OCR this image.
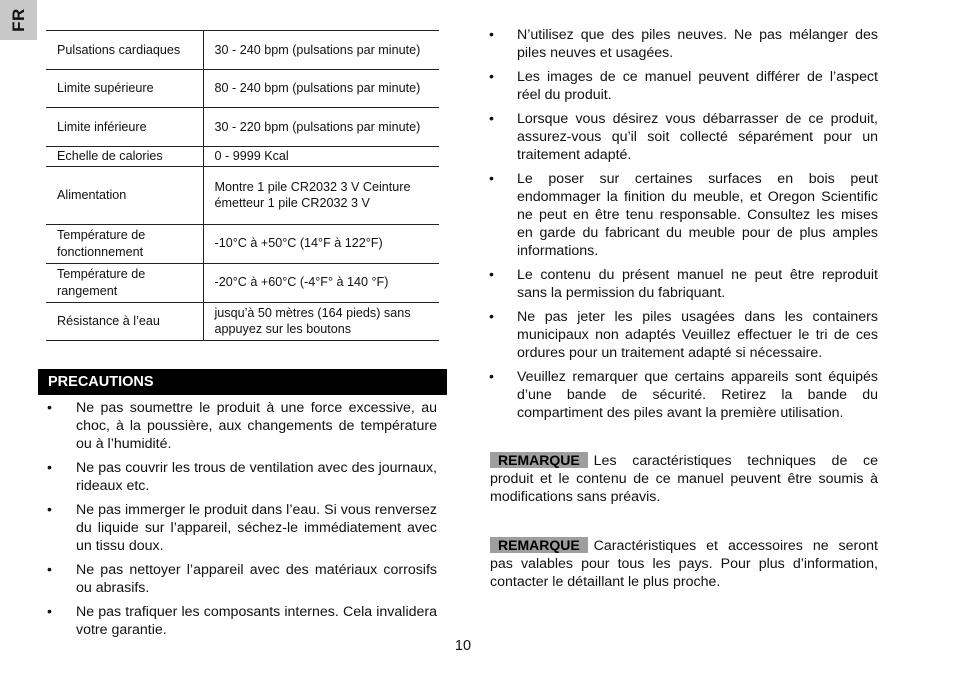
FR
Pulsations cardiaques	30 - 240 bpm (pulsations par minute)
Limite supérieure	80 - 240 bpm (pulsations par minute)
Limite inférieure	30 - 220 bpm (pulsations par minute)
Echelle de calories	0 - 9999 Kcal
Alimentation	Montre 1 pile CR2032 3 V Ceinture émetteur 1 pile CR2032 3 V
Température de fonctionnement	-10°C à +50°C (14°F à 122°F)
Température de rangement	-20°C à +60°C (-4°F° à 140 °F)
Résistance à l’eau	jusqu’à 50 mètres (164 pieds) sans appuyez sur les boutons
PRECAUTIONS
• Ne pas soumettre le produit à une force excessive, au choc, à la poussière, aux changements de température ou à l’humidité.
• Ne pas couvrir les trous de ventilation avec des journaux, rideaux etc.
• Ne pas immerger le produit dans l’eau. Si vous renversez du liquide sur l’appareil, séchez-le immédiatement avec un tissu doux.
• Ne pas nettoyer l’appareil avec des matériaux corrosifs ou abrasifs.
• Ne pas trafiquer les composants internes. Cela invalidera votre garantie.
• N’utilisez que des piles neuves. Ne pas mélanger des piles neuves et usagées.
• Les images de ce manuel peuvent différer de l’aspect réel du produit.
• Lorsque vous désirez vous débarrasser de ce produit, assurez-vous qu’il soit collecté séparément pour un traitement adapté.
• Le poser sur certaines surfaces en bois peut endommager la finition du meuble, et Oregon Scientific ne peut en être tenu responsable. Consultez les mises en garde du fabricant du meuble pour de plus amples informations.
• Le contenu du présent manuel ne peut être reproduit sans la permission du fabriquant.
• Ne pas jeter les piles usagées dans les containers municipaux non adaptés Veuillez effectuer le tri de ces ordures pour un traitement adapté si nécessaire.
• Veuillez remarquer que certains appareils sont équipés d’une bande de sécurité. Retirez la bande du compartiment des piles avant la première utilisation.
REMARQUE Les caractéristiques techniques de ce produit et le contenu de ce manuel peuvent être soumis à modifications sans préavis.
REMARQUE Caractéristiques et accessoires ne seront pas valables pour tous les pays. Pour plus d’information, contacter le détaillant le plus proche.
10
